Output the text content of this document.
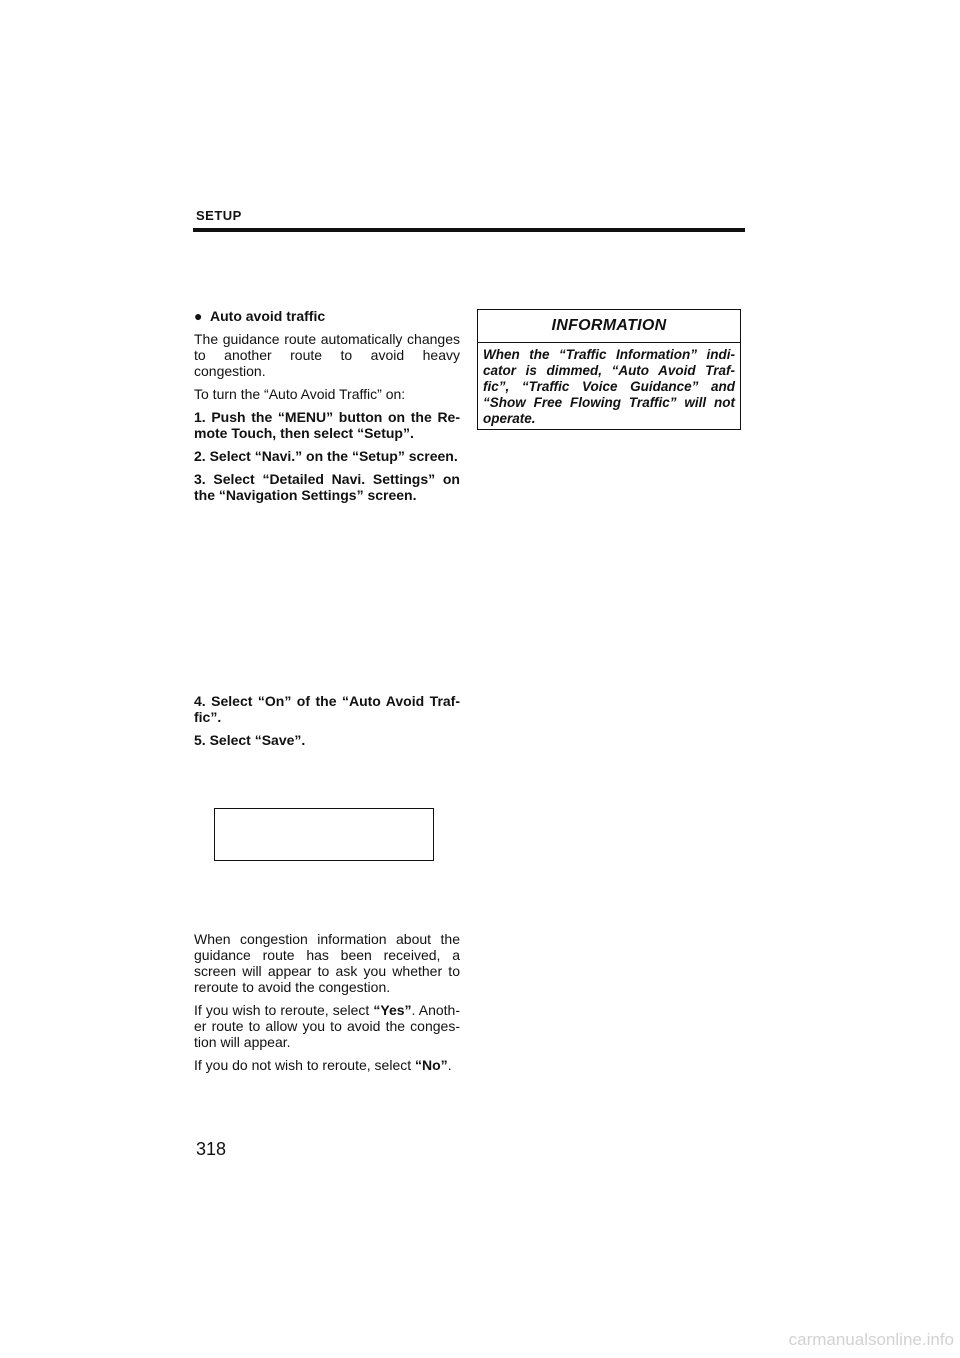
SETUP

● Auto avoid traffic

The guidance route automatically changes to another route to avoid heavy congestion.

To turn the “Auto Avoid Traffic” on:

1. Push the “MENU” button on the Re- mote Touch, then select “Setup”.

2. Select “Navi.” on the “Setup” screen.

3. Select “Detailed Navi. Settings” on the “Navigation Settings” screen.

4. Select “On” of the “Auto Avoid Traf- fic”.

5. Select “Save”.

When congestion information about the guidance route has been received, a screen will appear to ask you whether to reroute to avoid the congestion.

If you wish to reroute, select “Yes”. Anoth- er route to allow you to avoid the conges- tion will appear.

If you do not wish to reroute, select “No”.

INFORMATION
When the “Traffic Information” indi- cator is dimmed, “Auto Avoid Traf- fic”, “Traffic Voice Guidance” and “Show Free Flowing Traffic” will not operate.
318
carmanualsonline.info
